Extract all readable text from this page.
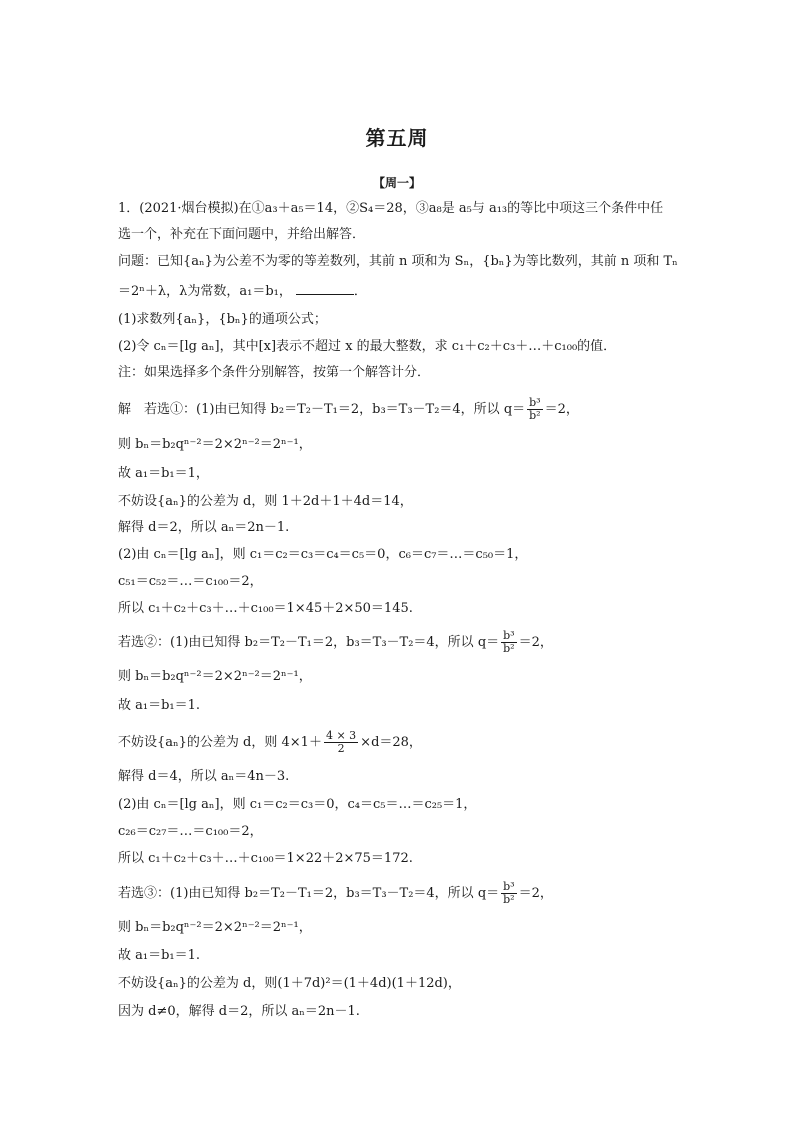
第五周
【周一】
1．(2021·烟台模拟)在①a₃＋a₅＝14，②S₄＝28，③a₈是 a₅与 a₁₃的等比中项这三个条件中任
选一个，补充在下面问题中，并给出解答．
问题：已知{aₙ}为公差不为零的等差数列，其前 n 项和为 Sₙ，{bₙ}为等比数列，其前 n 项和 Tₙ
＝2ⁿ＋λ，λ为常数，a₁＝b₁，	．
(1)求数列{aₙ}，{bₙ}的通项公式；
(2)令 cₙ＝[lg aₙ]，其中[x]表示不超过 x 的最大整数，求 c₁＋c₂＋c₃＋…＋c₁₀₀的值．
注：如果选择多个条件分别解答，按第一个解答计分．
解　若选①：(1)由已知得 b₂＝T₂－T₁＝2，b₃＝T₃－T₂＝4，所以 $q= \frac{\text{b³}}{\text{b²}} =2$，
则 bₙ＝b₂qⁿ⁻²＝2×2ⁿ⁻²＝2ⁿ⁻¹，
故 a₁＝b₁＝1，
不妨设{aₙ}的公差为 d，则 1＋2d＋1＋4d＝14，
解得 d＝2，所以 aₙ＝2n－1.
(2)由 cₙ＝[lg aₙ]，则 c₁＝c₂＝c₃＝c₄＝c₅＝0，c₆＝c₇＝…＝c₅₀＝1，
c₅₁＝c₅₂＝…＝c₁₀₀＝2，
所以 c₁＋c₂＋c₃＋…＋c₁₀₀＝1×45＋2×50＝145.
若选②：(1)由已知得 b₂＝T₂－T₁＝2，b₃＝T₃－T₂＝4，所以 $q= \frac{\text{b³}}{\text{b²}} =2$，
则 bₙ＝b₂qⁿ⁻²＝2×2ⁿ⁻²＝2ⁿ⁻¹，
故 a₁＝b₁＝1.
不妨设{aₙ}的公差为 d，则 $4\times 1+ \frac{4 \times 3}{2} \times d=28$，
解得 d＝4，所以 aₙ＝4n－3.
(2)由 cₙ＝[lg aₙ]，则 c₁＝c₂＝c₃＝0，c₄＝c₅＝…＝c₂₅＝1，
c₂₆＝c₂₇＝…＝c₁₀₀＝2，
所以 c₁＋c₂＋c₃＋…＋c₁₀₀＝1×22＋2×75＝172.
若选③：(1)由已知得 b₂＝T₂－T₁＝2，b₃＝T₃－T₂＝4，所以 $q= \frac{\text{b³}}{\text{b²}} =2$，
则 bₙ＝b₂qⁿ⁻²＝2×2ⁿ⁻²＝2ⁿ⁻¹，
故 a₁＝b₁＝1.
不妨设{aₙ}的公差为 d，则(1＋7d)²＝(1＋4d)(1＋12d)，
因为 d≠0，解得 d＝2，所以 aₙ＝2n－1.
